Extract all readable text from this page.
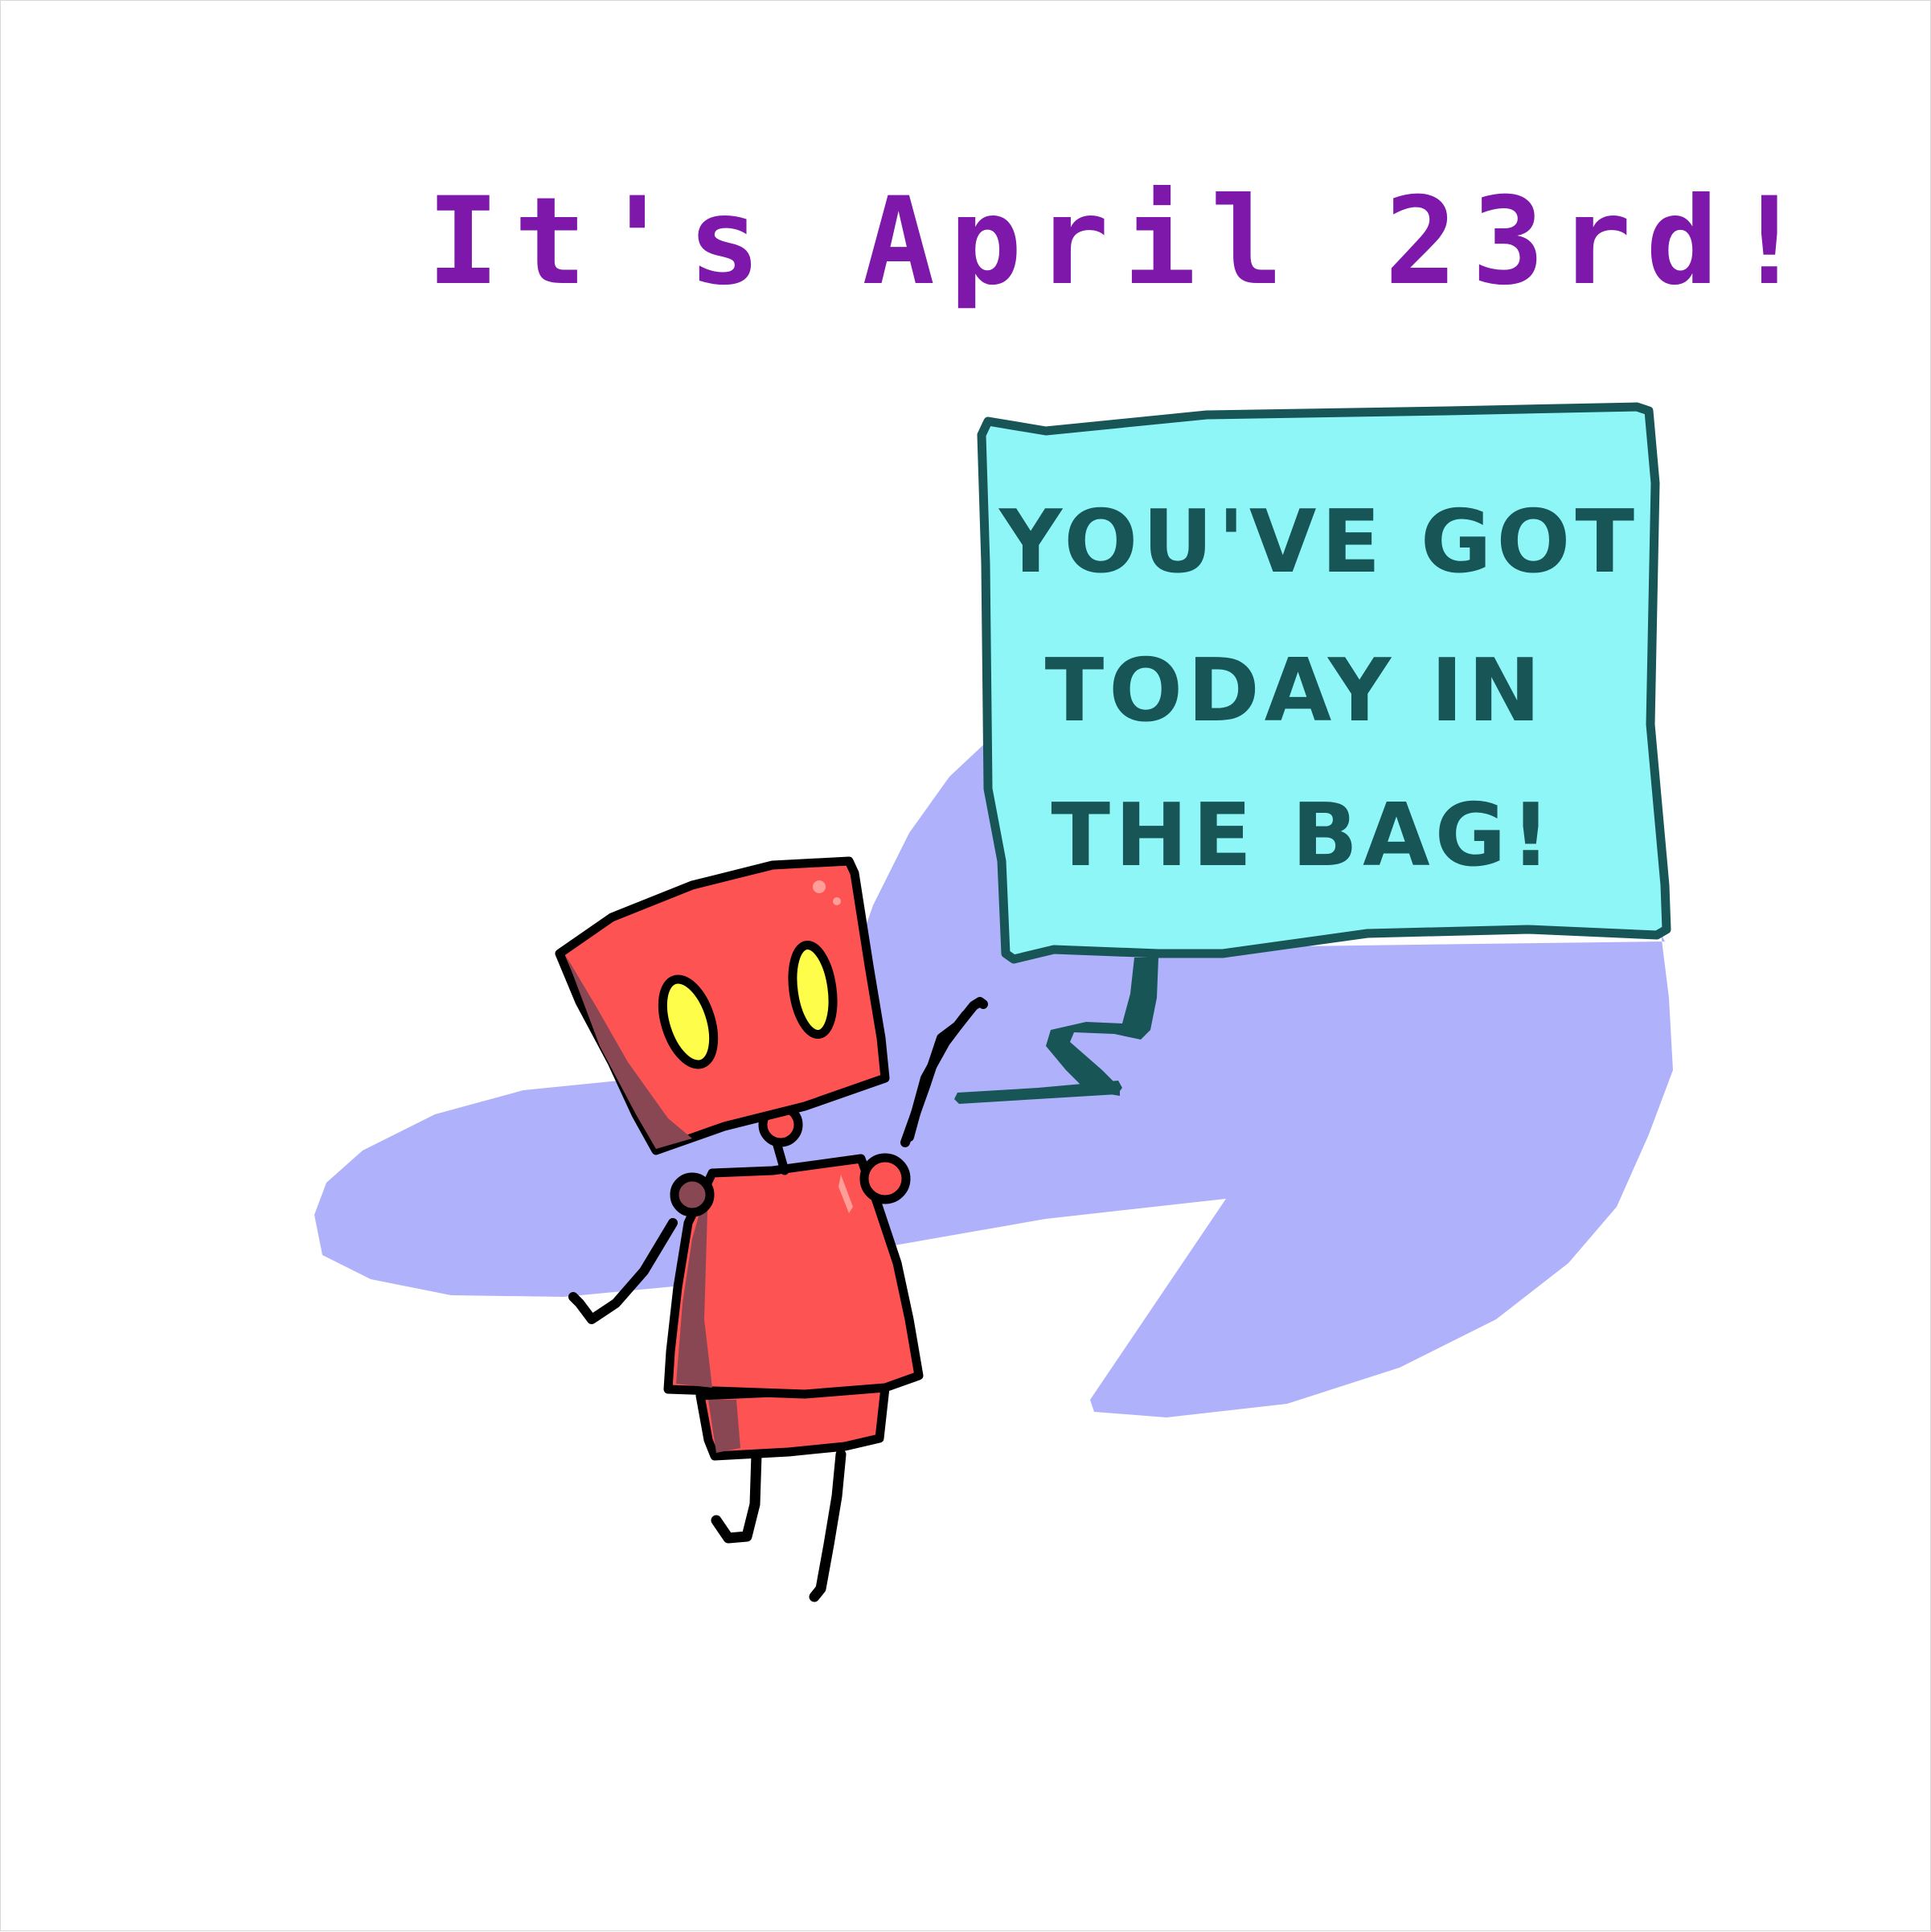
It's April 23rd!
YOU'VE GOT
TODAY IN
THE BAG!
